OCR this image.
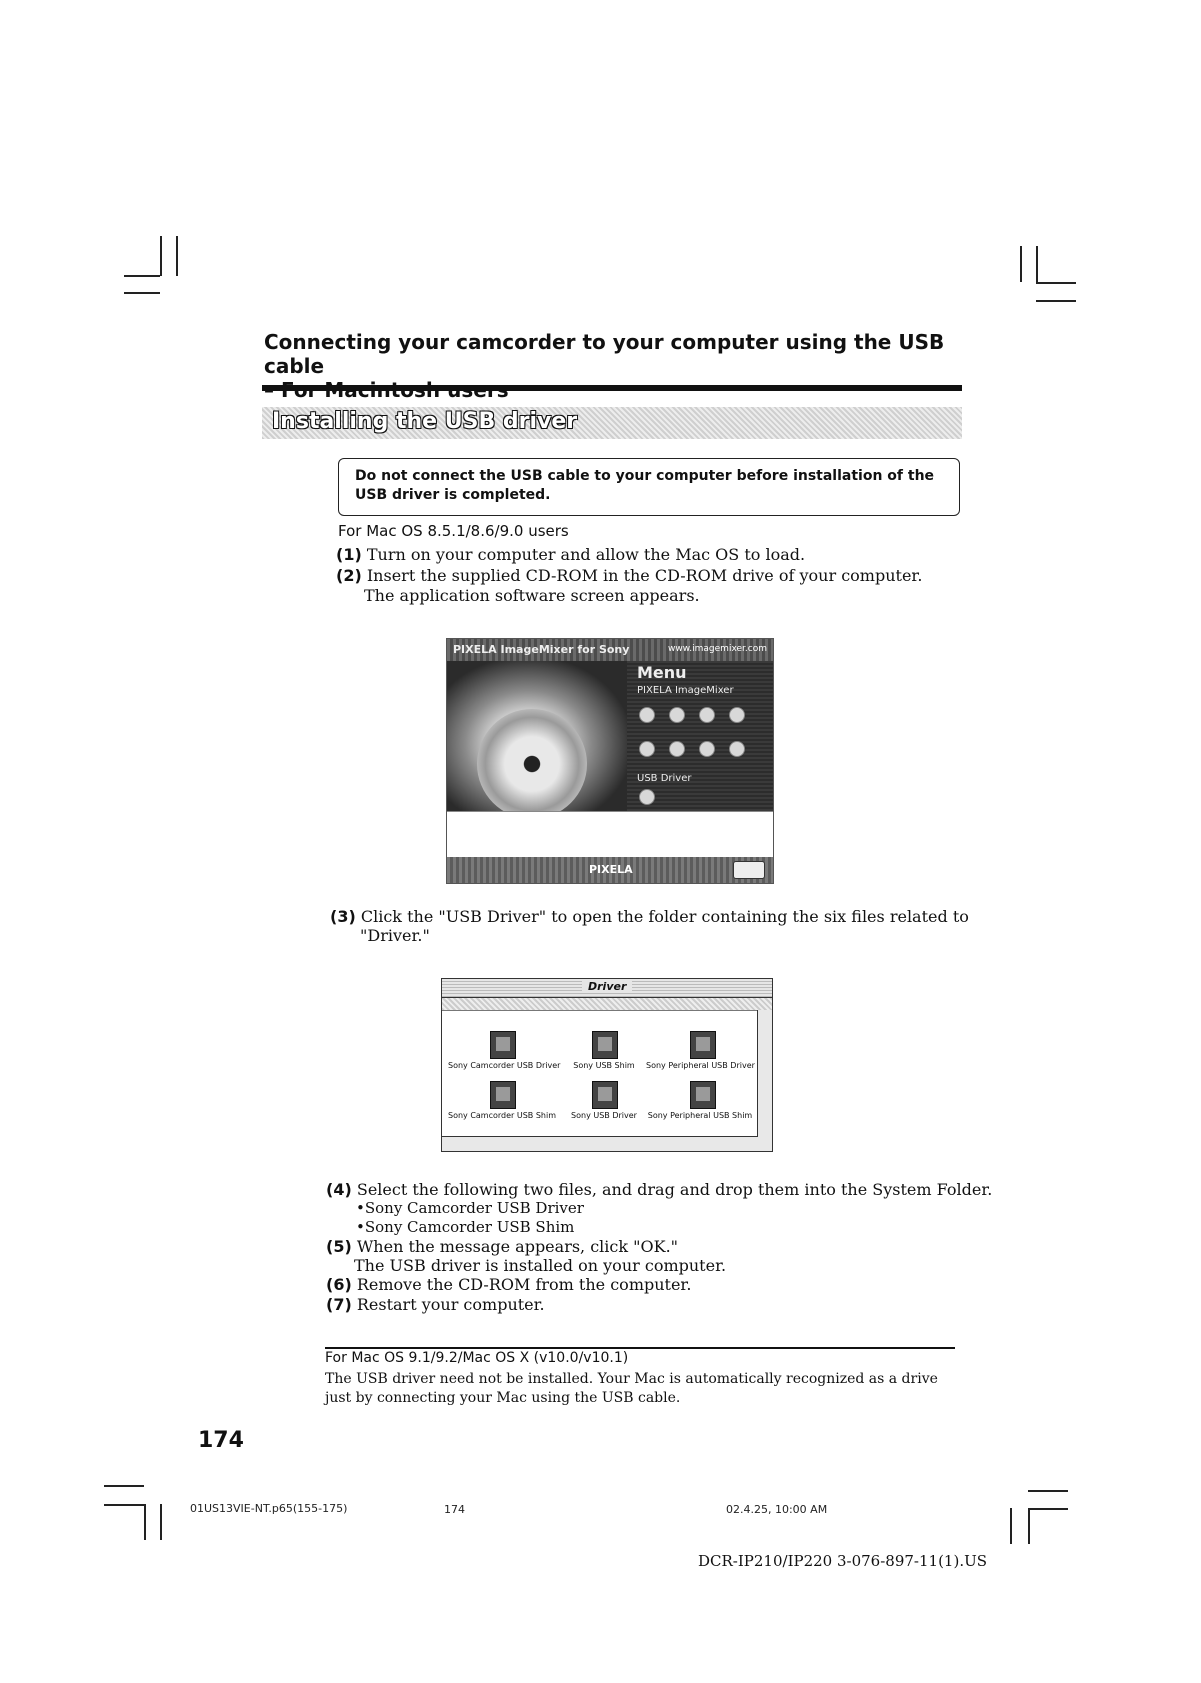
Connecting your camcorder to your computer using the USB cable
Installing the USB driver
Do not connect the USB cable to your computer before installation of the USB driver is completed.
For Mac OS 8.5.1/8.6/9.0 users
(1) Turn on your computer and allow the Mac OS to load.
(2) Insert the supplied CD-ROM in the CD-ROM drive of your computer.
The application software screen appears.
PIXELA ImageMixer for Sony	www.imagemixer.com
Menu
PIXELA ImageMixer
USB Driver
PIXELA
(3) Click the "USB Driver" to open the folder containing the six files related to
"Driver."
Driver
Sony Camcorder USB Driver	Sony USB Shim	Sony Peripheral USB Driver
Sony Camcorder USB Shim	Sony USB Driver	Sony Peripheral USB Shim
(4) Select the following two files, and drag and drop them into the System Folder.
•Sony Camcorder USB Driver
•Sony Camcorder USB Shim
(5) When the message appears, click "OK."
The USB driver is installed on your computer.
(6) Remove the CD-ROM from the computer.
(7) Restart your computer.
For Mac OS 9.1/9.2/Mac OS X (v10.0/v10.1)
The USB driver need not be installed. Your Mac is automatically recognized as a drive
just by connecting your Mac using the USB cable.
174
01US13VIE-NT.p65(155-175)	174	02.4.25, 10:00 AM
DCR-IP210/IP220 3-076-897-11(1).US
